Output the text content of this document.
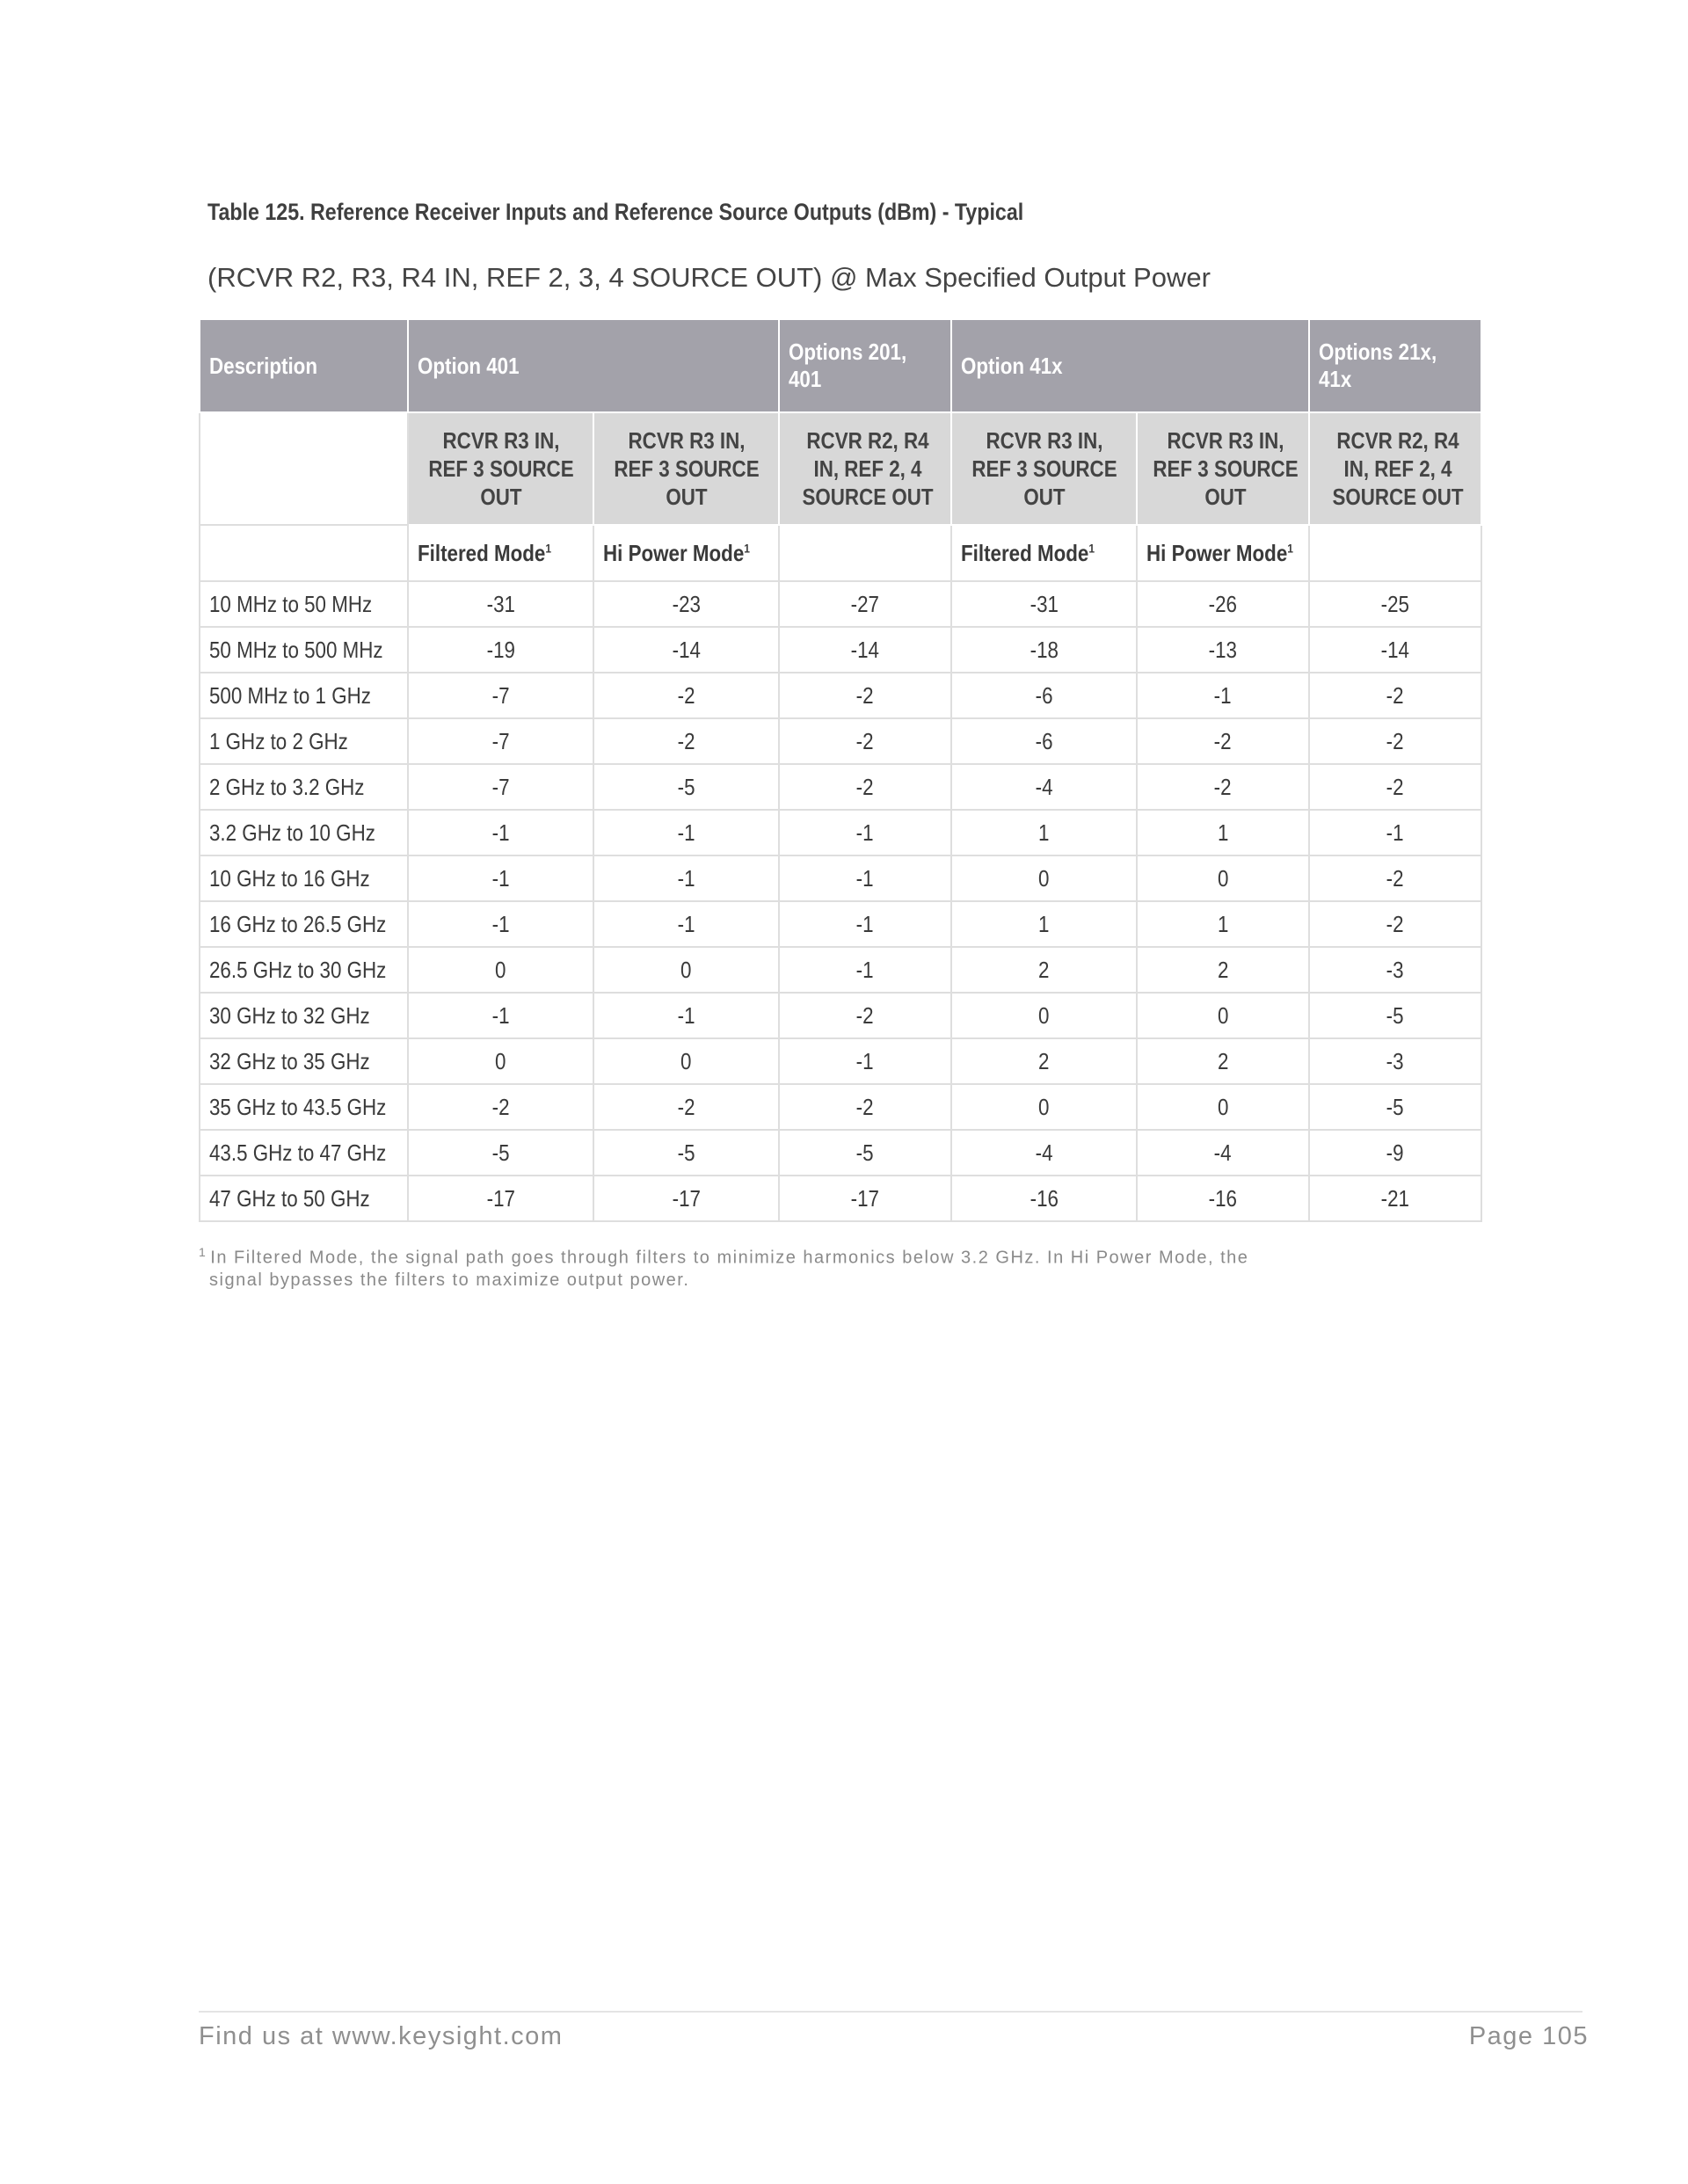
Table 125. Reference Receiver Inputs and Reference Source Outputs (dBm) - Typical
(RCVR R2, R3, R4 IN, REF 2, 3, 4 SOURCE OUT) @ Max Specified Output Power
Description	Option 401		Options 201, 401	Option 41x		Options 21x, 41x
	RCVR R3 IN, REF 3 SOURCE OUT	RCVR R3 IN, REF 3 SOURCE OUT	RCVR R2, R4 IN, REF 2, 4 SOURCE OUT	RCVR R3 IN, REF 3 SOURCE OUT	RCVR R3 IN, REF 3 SOURCE OUT	RCVR R2, R4 IN, REF 2, 4 SOURCE OUT
	Filtered Mode$^1$	Hi Power Mode$^1$		Filtered Mode$^1$	Hi Power Mode$^1$	
10 MHz to 50 MHz	-31	-23	-27	-31	-26	-25
50 MHz to 500 MHz	-19	-14	-14	-18	-13	-14
500 MHz to 1 GHz	-7	-2	-2	-6	-1	-2
1 GHz to 2 GHz	-7	-2	-2	-6	-2	-2
2 GHz to 3.2 GHz	-7	-5	-2	-4	-2	-2
3.2 GHz to 10 GHz	-1	-1	-1	1	1	-1
10 GHz to 16 GHz	-1	-1	-1	0	0	-2
16 GHz to 26.5 GHz	-1	-1	-1	1	1	-2
26.5 GHz to 30 GHz	0	0	-1	2	2	-3
30 GHz to 32 GHz	-1	-1	-2	0	0	-5
32 GHz to 35 GHz	0	0	-1	2	2	-3
35 GHz to 43.5 GHz	-2	-2	-2	0	0	-5
43.5 GHz to 47 GHz	-5	-5	-5	-4	-4	-9
47 GHz to 50 GHz	-17	-17	-17	-16	-16	-21
$^1$ In Filtered Mode, the signal path goes through filters to minimize harmonics below 3.2 GHz. In Hi Power Mode, the
signal bypasses the filters to maximize output power.
Find us at www.keysight.com	Page 105
